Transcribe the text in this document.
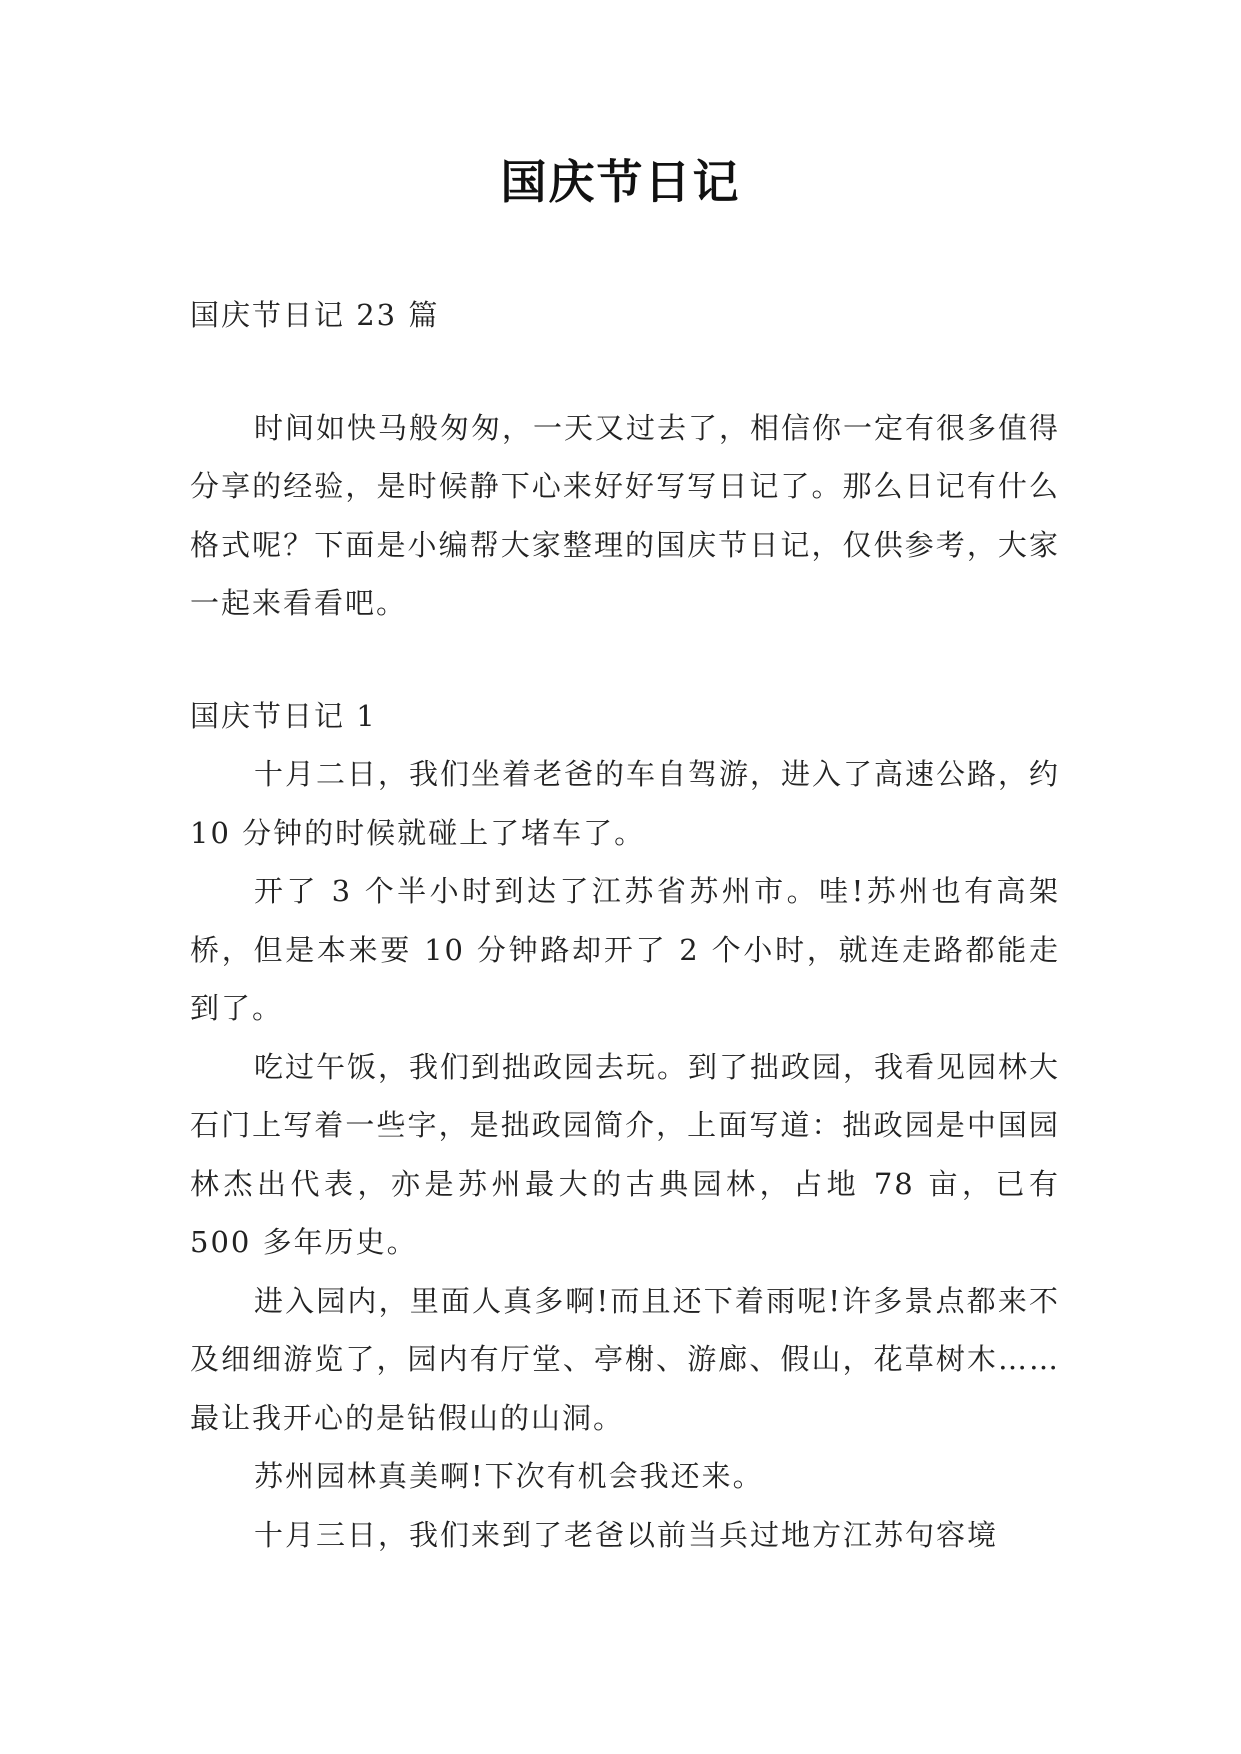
国庆节日记

国庆节日记 23 篇

时间如快马般匆匆，一天又过去了，相信你一定有很多值得分享的经验，是时候静下心来好好写写日记了。那么日记有什么格式呢？下面是小编帮大家整理的国庆节日记，仅供参考，大家一起来看看吧。

国庆节日记 1

十月二日，我们坐着老爸的车自驾游，进入了高速公路，约 10 分钟的时候就碰上了堵车了。

开了 3 个半小时到达了江苏省苏州市。哇!苏州也有高架桥，但是本来要 10 分钟路却开了 2 个小时，就连走路都能走到了。

吃过午饭，我们到拙政园去玩。到了拙政园，我看见园林大石门上写着一些字，是拙政园简介，上面写道：拙政园是中国园林杰出代表，亦是苏州最大的古典园林，占地 78 亩，已有 500 多年历史。

进入园内，里面人真多啊!而且还下着雨呢!许多景点都来不及细细游览了，园内有厅堂、亭榭、游廊、假山，花草树木……最让我开心的是钻假山的山洞。

苏州园林真美啊!下次有机会我还来。

十月三日，我们来到了老爸以前当兵过地方江苏句容境
